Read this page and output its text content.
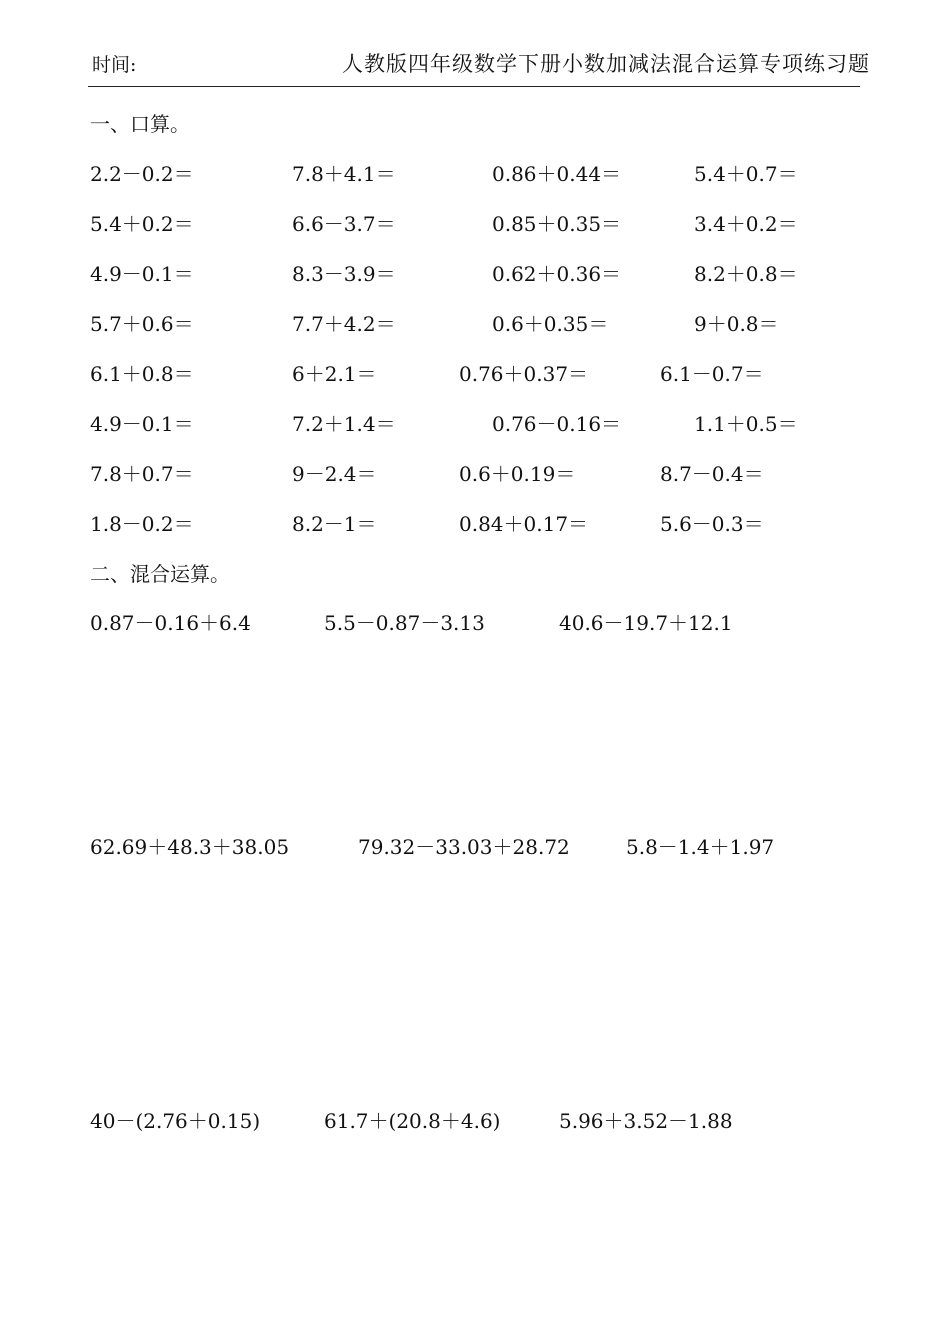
时间:	人教版四年级数学下册小数加减法混合运算专项练习题
一、口算。
2.2－0.2＝	7.8＋4.1＝	0.86＋0.44＝	5.4＋0.7＝
5.4＋0.2＝	6.6－3.7＝	0.85＋0.35＝	3.4＋0.2＝
4.9－0.1＝	8.3－3.9＝	0.62＋0.36＝	8.2＋0.8＝
5.7＋0.6＝	7.7＋4.2＝	0.6＋0.35＝	9＋0.8＝
6.1＋0.8＝	6＋2.1＝	0.76＋0.37＝	6.1－0.7＝
4.9－0.1＝	7.2＋1.4＝	0.76－0.16＝	1.1＋0.5＝
7.8＋0.7＝	9－2.4＝	0.6＋0.19＝	8.7－0.4＝
1.8－0.2＝	8.2－1＝	0.84＋0.17＝	5.6－0.3＝
二、混合运算。
0.87－0.16＋6.4	5.5－0.87－3.13	40.6－19.7＋12.1
62.69＋48.3＋38.05	79.32－33.03＋28.72	5.8－1.4＋1.97
40－(2.76＋0.15)	61.7＋(20.8＋4.6)	5.96＋3.52－1.88
